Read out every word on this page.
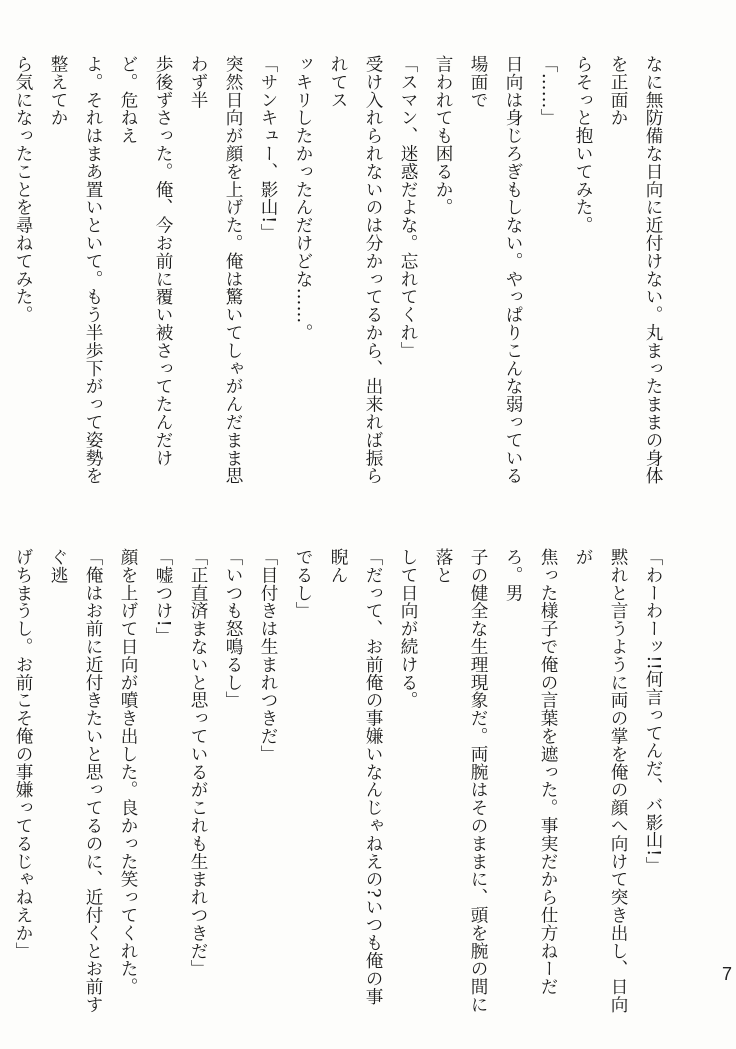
なに無防備な日向に近付けない。丸まったままの身体を正面か
らそっと抱いてみた。
「……」
日向は身じろぎもしない。やっぱりこんな弱っている場面で
言われても困るか。
「スマン、迷惑だよな。忘れてくれ」
受け入れられないのは分かってるから、出来れば振られてス
ッキリしたかったんだけどな……。
「サンキュー、影山!」
突然日向が顔を上げた。俺は驚いてしゃがんだまま思わず半
歩後ずさった。俺、今お前に覆い被さってたんだけど。危ねえ
よ。それはまあ置いといて。もう半歩下がって姿勢を整えてか
ら気になったことを尋ねてみた。
「わーわーッ!!何言ってんだ、バ影山!」
黙れと言うように両の掌を俺の顔へ向けて突き出し、日向が
焦った様子で俺の言葉を遮った。事実だから仕方ねーだろ。男
子の健全な生理現象だ。両腕はそのままに、頭を腕の間に落と
して日向が続ける。
「だって、お前俺の事嫌いなんじゃねえの?いつも俺の事睨ん
でるし」
「目付きは生まれつきだ」
「いつも怒鳴るし」
「正直済まないと思っているがこれも生まれつきだ」
「嘘つけ!」
顔を上げて日向が噴き出した。良かった笑ってくれた。
「俺はお前に近付きたいと思ってるのに、近付くとお前すぐ逃
げちまうし。お前こそ俺の事嫌ってるじゃねえか」
7
